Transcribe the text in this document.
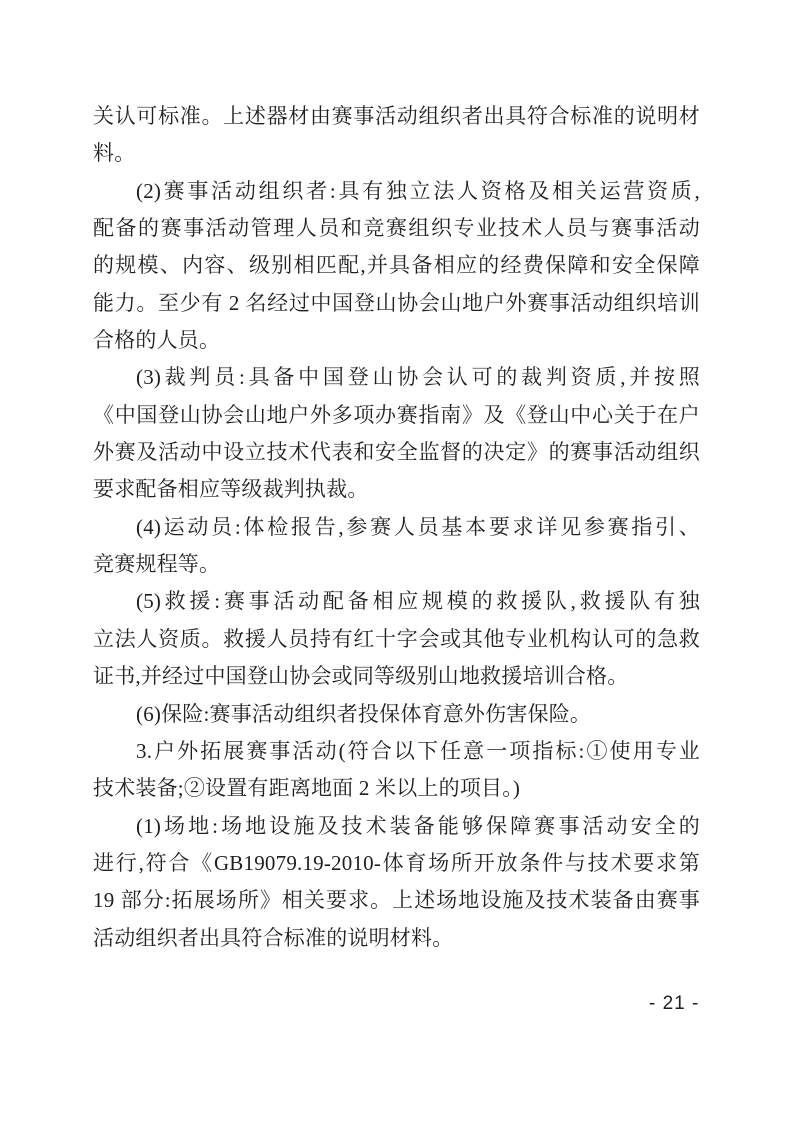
关认可标准。上述器材由赛事活动组织者出具符合标准的说明材
料。
(2)赛事活动组织者:具有独立法人资格及相关运营资质,
配备的赛事活动管理人员和竞赛组织专业技术人员与赛事活动
的规模、内容、级别相匹配,并具备相应的经费保障和安全保障
能力。至少有 2 名经过中国登山协会山地户外赛事活动组织培训
合格的人员。
(3)裁判员:具备中国登山协会认可的裁判资质,并按照
《中国登山协会山地户外多项办赛指南》及《登山中心关于在户
外赛及活动中设立技术代表和安全监督的决定》的赛事活动组织
要求配备相应等级裁判执裁。
(4)运动员:体检报告,参赛人员基本要求详见参赛指引、
竞赛规程等。
(5)救援:赛事活动配备相应规模的救援队,救援队有独
立法人资质。救援人员持有红十字会或其他专业机构认可的急救
证书,并经过中国登山协会或同等级别山地救援培训合格。
(6)保险:赛事活动组织者投保体育意外伤害保险。
3.户外拓展赛事活动(符合以下任意一项指标:①使用专业
技术装备;②设置有距离地面 2 米以上的项目。)
(1)场地:场地设施及技术装备能够保障赛事活动安全的
进行,符合《GB19079.19-2010-体育场所开放条件与技术要求第
19 部分:拓展场所》相关要求。上述场地设施及技术装备由赛事
活动组织者出具符合标准的说明材料。
- 21 -
